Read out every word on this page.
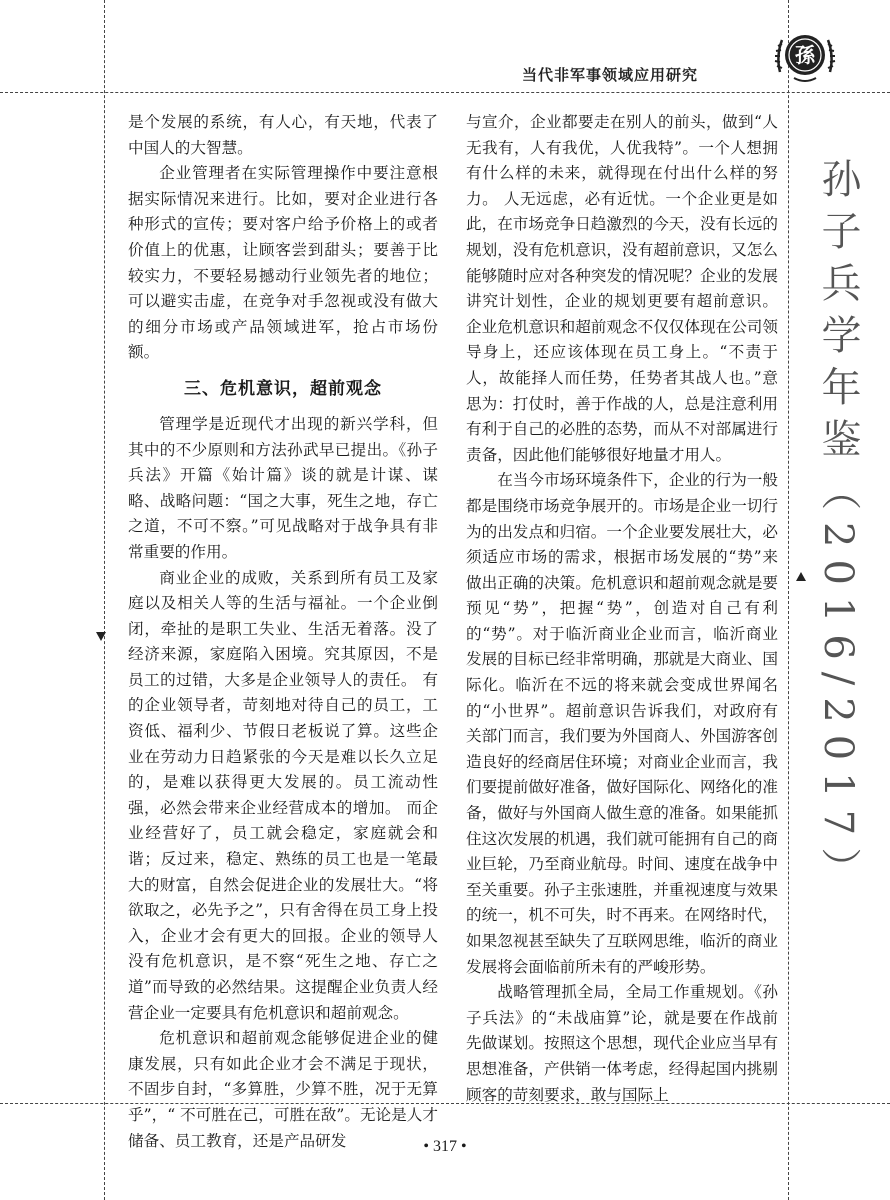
当代非军事领域应用研究
孫
孙子兵学年鉴（2016/2017）

是个发展的系统，有人心，有天地，代表了中国人的大智慧。

企业管理者在实际管理操作中要注意根据实际情况来进行。比如，要对企业进行各种形式的宣传；要对客户给予价格上的或者价值上的优惠，让顾客尝到甜头；要善于比较实力，不要轻易撼动行业领先者的地位；可以避实击虚，在竞争对手忽视或没有做大的细分市场或产品领域进军，抢占市场份额。

三、危机意识，超前观念

管理学是近现代才出现的新兴学科，但其中的不少原则和方法孙武早已提出。《孙子兵法》开篇《始计篇》谈的就是计谋、谋略、战略问题：“国之大事，死生之地，存亡之道，不可不察。”可见战略对于战争具有非常重要的作用。

商业企业的成败，关系到所有员工及家庭以及相关人等的生活与福祉。一个企业倒闭，牵扯的是职工失业、生活无着落。没了经济来源，家庭陷入困境。究其原因，不是员工的过错，大多是企业领导人的责任。 有的企业领导者，苛刻地对待自己的员工，工资低、福利少、节假日老板说了算。这些企业在劳动力日趋紧张的今天是难以长久立足的，是难以获得更大发展的。员工流动性强，必然会带来企业经营成本的增加。 而企业经营好了，员工就会稳定，家庭就会和谐；反过来，稳定、熟练的员工也是一笔最大的财富，自然会促进企业的发展壮大。“将欲取之，必先予之”，只有舍得在员工身上投入，企业才会有更大的回报。企业的领导人没有危机意识，是不察“死生之地、存亡之道”而导致的必然结果。这提醒企业负责人经营企业一定要具有危机意识和超前观念。

危机意识和超前观念能够促进企业的健康发展，只有如此企业才会不满足于现状，不固步自封，“多算胜，少算不胜，况于无算乎”，“ 不可胜在己，可胜在敌”。无论是人才储备、员工教育，还是产品研发

与宣介，企业都要走在别人的前头，做到“人无我有，人有我优，人优我特”。一个人想拥有什么样的未来，就得现在付出什么样的努力。 人无远虑，必有近忧。一个企业更是如此，在市场竞争日趋激烈的今天，没有长远的规划，没有危机意识，没有超前意识，又怎么能够随时应对各种突发的情况呢？企业的发展讲究计划性，企业的规划更要有超前意识。 企业危机意识和超前观念不仅仅体现在公司领导身上，还应该体现在员工身上。“不责于人，故能择人而任势，任势者其战人也。”意思为：打仗时，善于作战的人，总是注意利用有利于自己的必胜的态势，而从不对部属进行责备，因此他们能够很好地量才用人。

在当今市场环境条件下，企业的行为一般都是围绕市场竞争展开的。市场是企业一切行为的出发点和归宿。一个企业要发展壮大，必须适应市场的需求，根据市场发展的“势”来做出正确的决策。危机意识和超前观念就是要预见“势”，把握“势”，创造对自己有利的“势”。对于临沂商业企业而言，临沂商业发展的目标已经非常明确，那就是大商业、国际化。临沂在不远的将来就会变成世界闻名的“小世界”。超前意识告诉我们，对政府有关部门而言，我们要为外国商人、外国游客创造良好的经商居住环境；对商业企业而言，我们要提前做好准备，做好国际化、网络化的准备，做好与外国商人做生意的准备。如果能抓住这次发展的机遇，我们就可能拥有自己的商业巨轮，乃至商业航母。时间、速度在战争中至关重要。孙子主张速胜，并重视速度与效果的统一，机不可失，时不再来。在网络时代，如果忽视甚至缺失了互联网思维，临沂的商业发展将会面临前所未有的严峻形势。

战略管理抓全局，全局工作重规划。《孙子兵法》的“未战庙算”论，就是要在作战前先做谋划。按照这个思想，现代企业应当早有思想准备，产供销一体考虑，经得起国内挑剔顾客的苛刻要求，敢与国际上

• 317 •
